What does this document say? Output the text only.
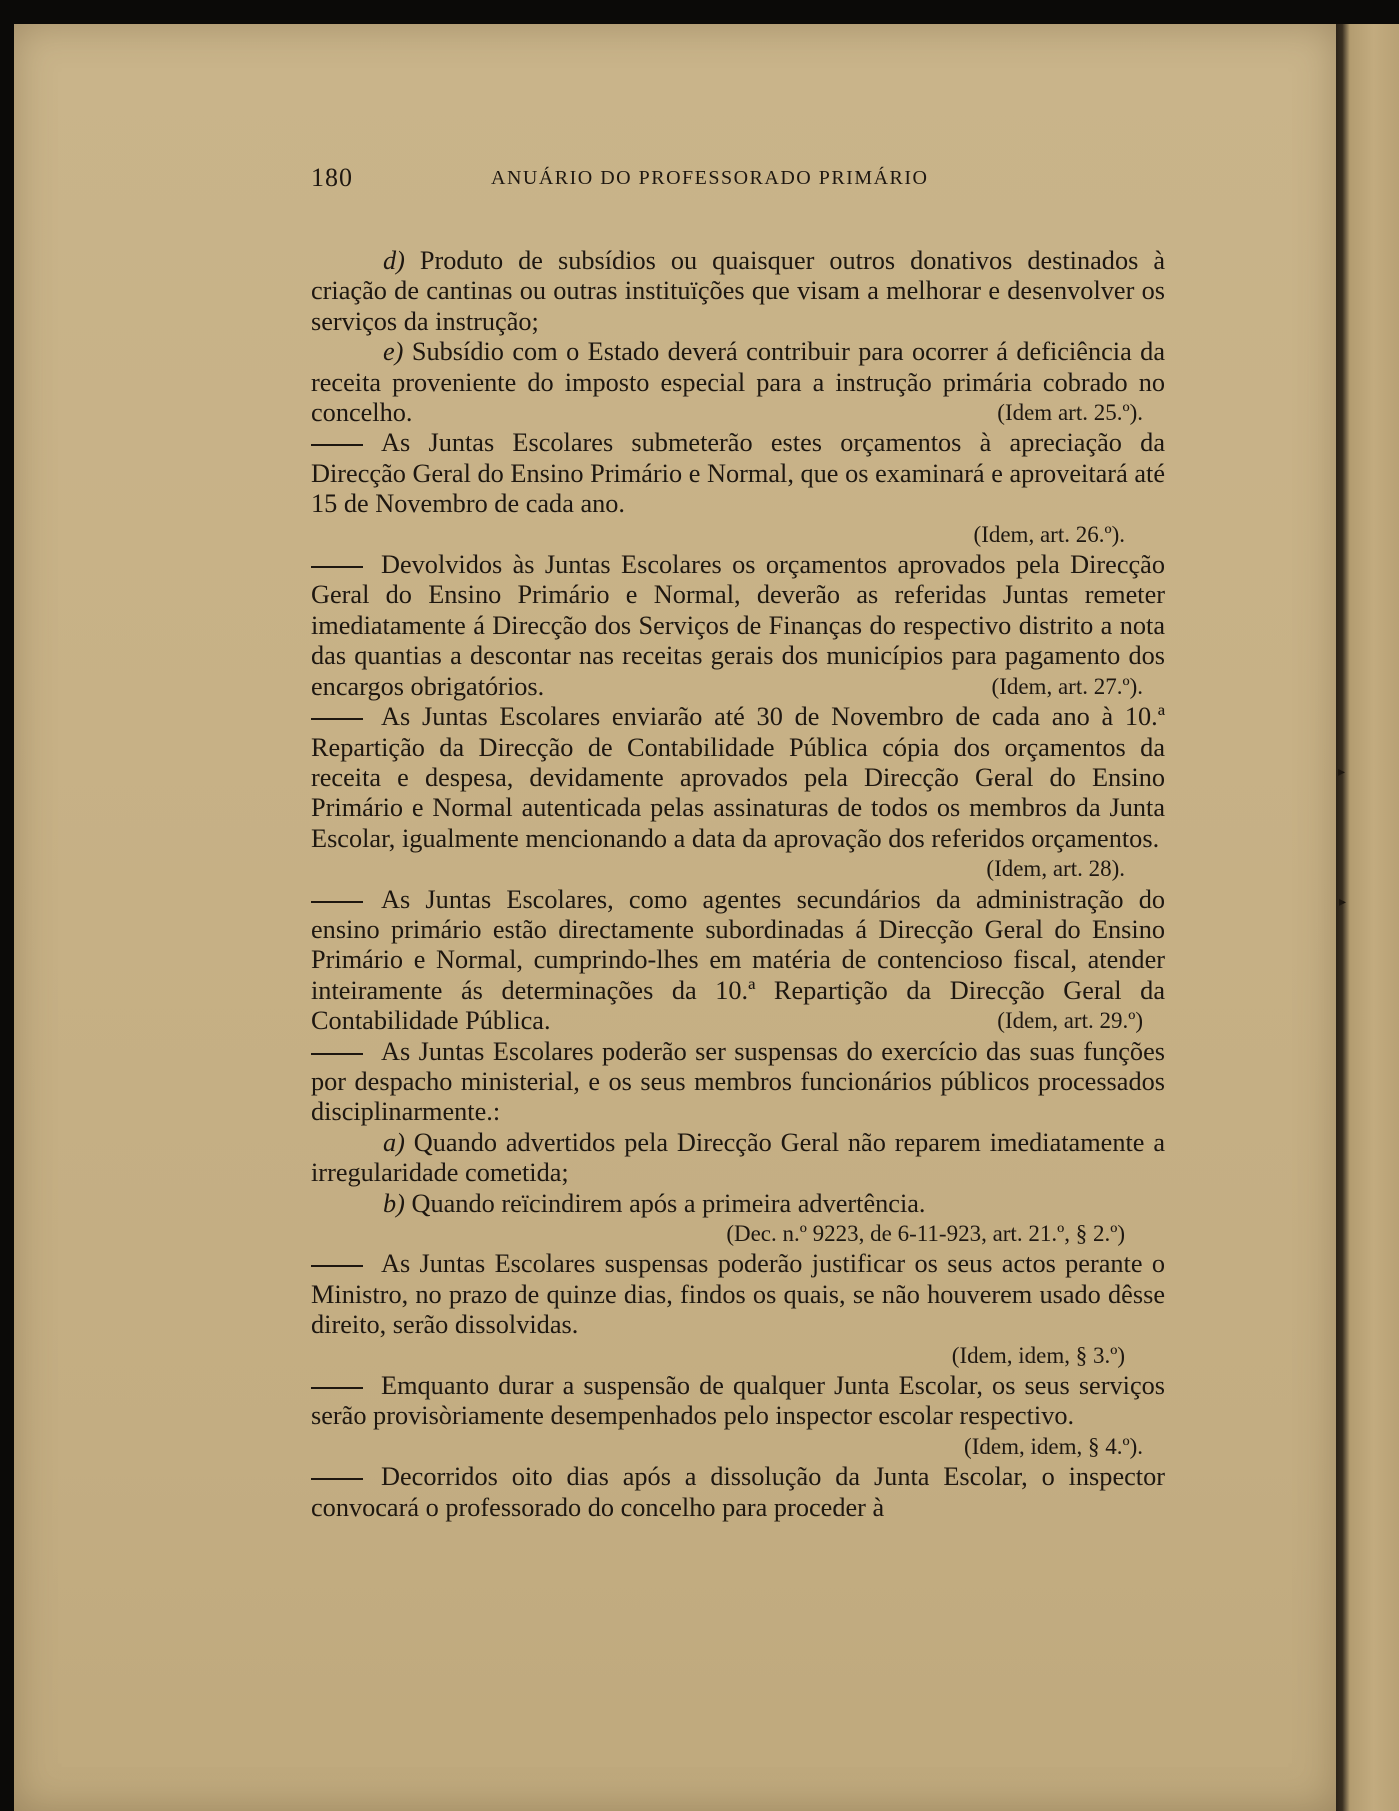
▸
▸
180	ANUÁRIO DO PROFESSORADO PRIMÁRIO

d) Produto de subsídios ou quaisquer outros donativos destinados à criação de cantinas ou outras instituïções que visam a melhorar e desenvolver os serviços da instrução;

e) Subsídio com o Estado deverá contribuir para ocorrer á deficiência da receita proveniente do imposto especial para a instrução primária cobrado no concelho.	(Idem art. 25.º).

As Juntas Escolares submeterão estes orçamentos à apreciação da Direcção Geral do Ensino Primário e Normal, que os examinará e aproveitará até 15 de Novembro de cada ano.
(Idem, art. 26.º).

Devolvidos às Juntas Escolares os orçamentos aprovados pela Direcção Geral do Ensino Primário e Normal, deverão as referidas Juntas remeter imediatamente á Direcção dos Serviços de Finanças do respectivo distrito a nota das quantias a descontar nas receitas gerais dos municípios para pagamento dos encargos obrigatórios.	(Idem, art. 27.º).

As Juntas Escolares enviarão até 30 de Novembro de cada ano à 10.ª Repartição da Direcção de Contabilidade Pública cópia dos orçamentos da receita e despesa, devidamente aprovados pela Direcção Geral do Ensino Primário e Normal autenticada pelas assinaturas de todos os membros da Junta Escolar, igualmente mencionando a data da aprovação dos referidos orçamentos.
(Idem, art. 28).

As Juntas Escolares, como agentes secundários da administração do ensino primário estão directamente subordinadas á Direcção Geral do Ensino Primário e Normal, cumprindo-lhes em matéria de contencioso fiscal, atender inteiramente ás determinações da 10.ª Repartição da Direcção Geral da Contabilidade Pública.	(Idem, art. 29.º)

As Juntas Escolares poderão ser suspensas do exercício das suas funções por despacho ministerial, e os seus membros funcionários públicos processados disciplinarmente.:

a) Quando advertidos pela Direcção Geral não reparem imediatamente a irregularidade cometida;

b) Quando reïcindirem após a primeira advertência.
(Dec. n.º 9223, de 6-11-923, art. 21.º, § 2.º)

As Juntas Escolares suspensas poderão justificar os seus actos perante o Ministro, no prazo de quinze dias, findos os quais, se não houverem usado dêsse direito, serão dissolvidas.
(Idem, idem, § 3.º)

Emquanto durar a suspensão de qualquer Junta Escolar, os seus serviços serão provisòriamente desempenhados pelo inspector escolar respectivo.
(Idem, idem, § 4.º).

Decorridos oito dias após a dissolução da Junta Escolar, o inspector convocará o professorado do concelho para proceder à
